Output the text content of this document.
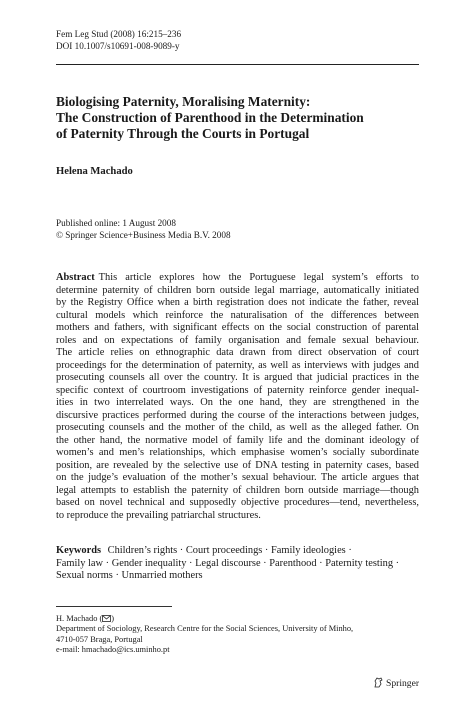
Fem Leg Stud (2008) 16:215–236
DOI 10.1007/s10691-008-9089-y
Biologising Paternity, Moralising Maternity:
The Construction of Parenthood in the Determination
of Paternity Through the Courts in Portugal
Helena Machado
Published online: 1 August 2008
© Springer Science+Business Media B.V. 2008
Abstract This article explores how the Portuguese legal system’s efforts to
determine paternity of children born outside legal marriage, automatically initiated
by the Registry Office when a birth registration does not indicate the father, reveal
cultural models which reinforce the naturalisation of the differences between
mothers and fathers, with significant effects on the social construction of parental
roles and on expectations of family organisation and female sexual behaviour.
The article relies on ethnographic data drawn from direct observation of court
proceedings for the determination of paternity, as well as interviews with judges and
prosecuting counsels all over the country. It is argued that judicial practices in the
specific context of courtroom investigations of paternity reinforce gender inequal-
ities in two interrelated ways. On the one hand, they are strengthened in the
discursive practices performed during the course of the interactions between judges,
prosecuting counsels and the mother of the child, as well as the alleged father. On
the other hand, the normative model of family life and the dominant ideology of
women’s and men’s relationships, which emphasise women’s socially subordinate
position, are revealed by the selective use of DNA testing in paternity cases, based
on the judge’s evaluation of the mother’s sexual behaviour. The article argues that
legal attempts to establish the paternity of children born outside marriage—though
based on novel technical and supposedly objective procedures—tend, nevertheless,
to reproduce the prevailing patriarchal structures.
Keywords Children’s rights · Court proceedings · Family ideologies ·
Family law · Gender inequality · Legal discourse · Parenthood · Paternity testing ·
Sexual norms · Unmarried mothers
H. Machado ( )
Department of Sociology, Research Centre for the Social Sciences, University of Minho,
4710-057 Braga, Portugal
e-mail: hmachado@ics.uminho.pt
Springer
